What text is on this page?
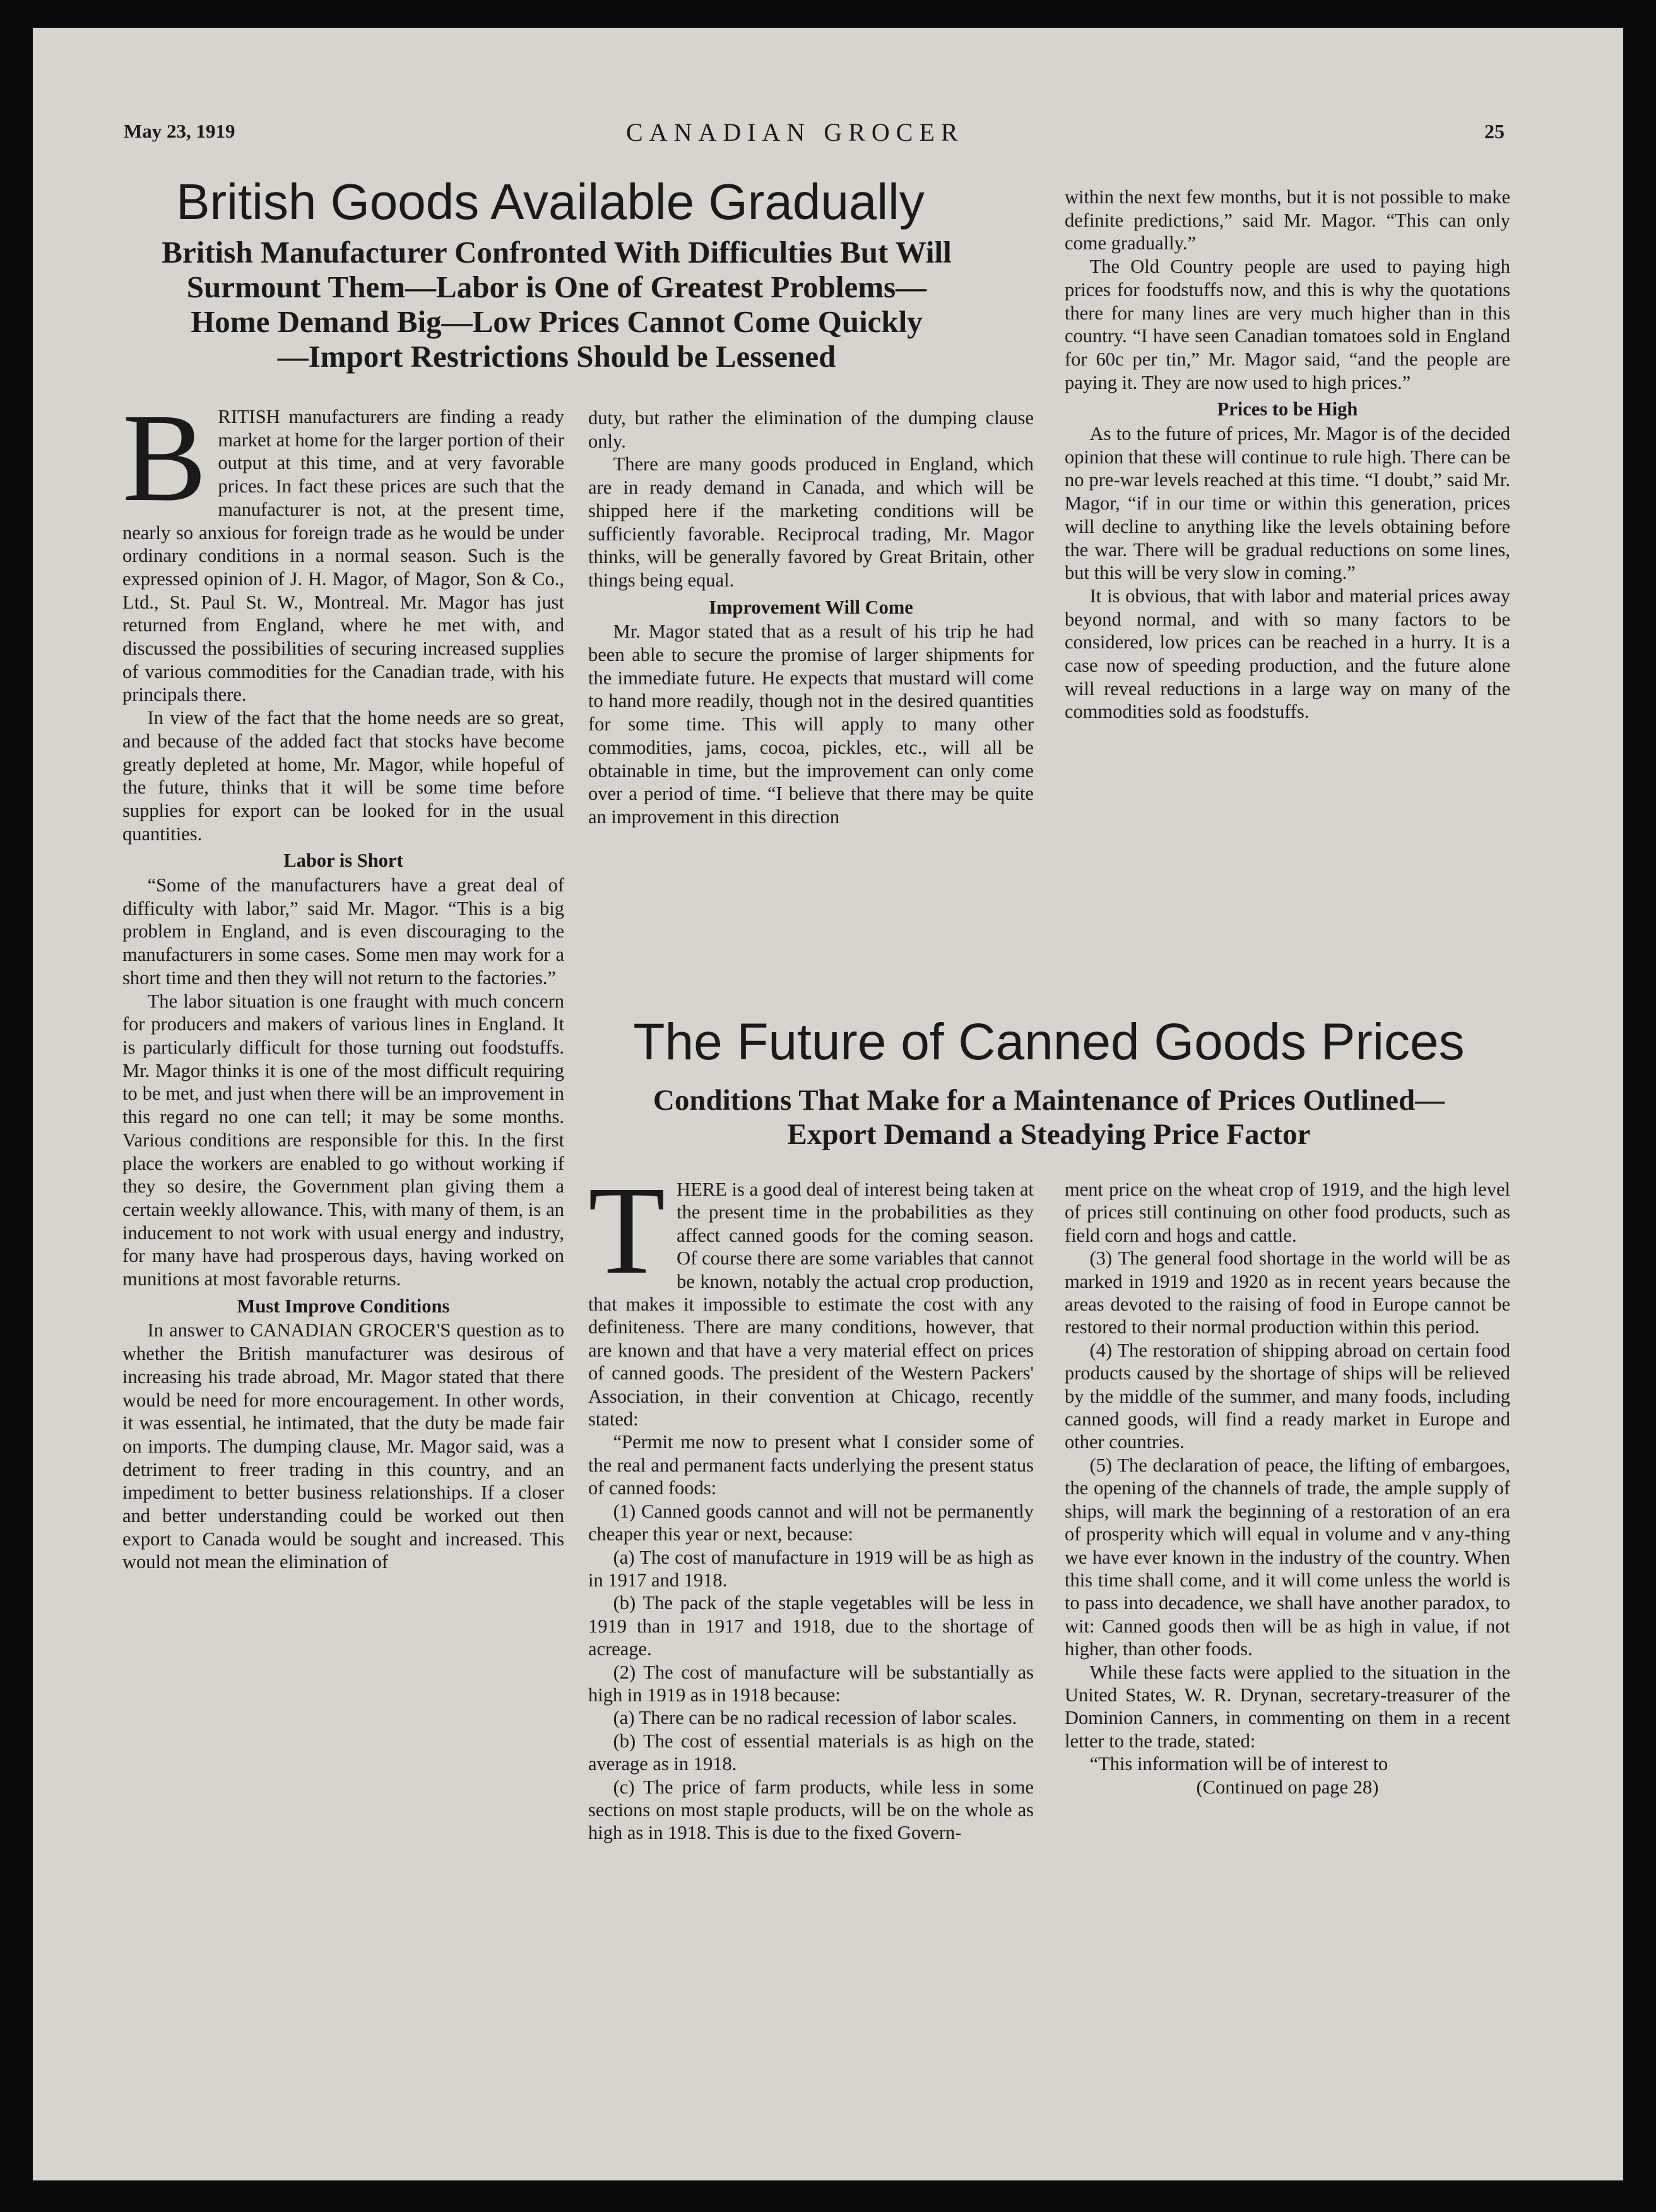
May 23, 1919	CANADIAN GROCER	25
British Goods Available Gradually
British Manufacturer Confronted With Difficulties But Will
Surmount Them—Labor is One of Greatest Problems—
Home Demand Big—Low Prices Cannot Come Quickly
—Import Restrictions Should be Lessened
B RITISH manufacturers are finding a ready market at home for the larger portion of their output at this time, and at very favorable prices. In fact these prices are such that the manufacturer is not, at the present time, nearly so anxious for foreign trade as he would be under ordinary conditions in a normal season. Such is the expressed opinion of J. H. Magor, of Magor, Son & Co., Ltd., St. Paul St. W., Montreal. Mr. Magor has just returned from England, where he met with, and discussed the possibilities of securing increased supplies of various commodities for the Canadian trade, with his principals there.

In view of the fact that the home needs are so great, and because of the added fact that stocks have become greatly depleted at home, Mr. Magor, while hopeful of the future, thinks that it will be some time before supplies for export can be looked for in the usual quantities.

Labor is Short

“Some of the manufacturers have a great deal of difficulty with labor,” said Mr. Magor. “This is a big problem in England, and is even discouraging to the manufacturers in some cases. Some men may work for a short time and then they will not return to the factories.”

The labor situation is one fraught with much concern for producers and makers of various lines in England. It is particularly difficult for those turning out foodstuffs. Mr. Magor thinks it is one of the most difficult requiring to be met, and just when there will be an improvement in this regard no one can tell; it may be some months. Various conditions are responsible for this. In the first place the workers are enabled to go without working if they so desire, the Government plan giving them a certain weekly allowance. This, with many of them, is an inducement to not work with usual energy and industry, for many have had prosperous days, having worked on munitions at most favorable returns.

Must Improve Conditions

In answer to CANADIAN GROCER'S question as to whether the British manufacturer was desirous of increasing his trade abroad, Mr. Magor stated that there would be need for more encouragement. In other words, it was essential, he intimated, that the duty be made fair on imports. The dumping clause, Mr. Magor said, was a detriment to freer trading in this country, and an impediment to better business relationships. If a closer and better understanding could be worked out then export to Canada would be sought and increased. This would not mean the elimination of

duty, but rather the elimination of the dumping clause only.

There are many goods produced in England, which are in ready demand in Canada, and which will be shipped here if the marketing conditions will be sufficiently favorable. Reciprocal trading, Mr. Magor thinks, will be generally favored by Great Britain, other things being equal.

Improvement Will Come

Mr. Magor stated that as a result of his trip he had been able to secure the promise of larger shipments for the immediate future. He expects that mustard will come to hand more readily, though not in the desired quantities for some time. This will apply to many other commodities, jams, cocoa, pickles, etc., will all be obtainable in time, but the improvement can only come over a period of time. “I believe that there may be quite an improvement in this direction

within the next few months, but it is not possible to make definite predictions,” said Mr. Magor. “This can only come gradually.”

The Old Country people are used to paying high prices for foodstuffs now, and this is why the quotations there for many lines are very much higher than in this country. “I have seen Canadian tomatoes sold in England for 60c per tin,” Mr. Magor said, “and the people are paying it. They are now used to high prices.”

Prices to be High

As to the future of prices, Mr. Magor is of the decided opinion that these will continue to rule high. There can be no pre-war levels reached at this time. “I doubt,” said Mr. Magor, “if in our time or within this generation, prices will decline to anything like the levels obtaining before the war. There will be gradual reductions on some lines, but this will be very slow in coming.”

It is obvious, that with labor and material prices away beyond normal, and with so many factors to be considered, low prices can be reached in a hurry. It is a case now of speeding production, and the future alone will reveal reductions in a large way on many of the commodities sold as foodstuffs.

The Future of Canned Goods Prices
Conditions That Make for a Maintenance of Prices Outlined—
Export Demand a Steadying Price Factor
T HERE is a good deal of interest being taken at the present time in the probabilities as they affect canned goods for the coming season. Of course there are some variables that cannot be known, notably the actual crop production, that makes it impossible to estimate the cost with any definiteness. There are many conditions, however, that are known and that have a very material effect on prices of canned goods. The president of the Western Packers' Association, in their convention at Chicago, recently stated:

“Permit me now to present what I consider some of the real and permanent facts underlying the present status of canned foods:

(1) Canned goods cannot and will not be permanently cheaper this year or next, because:

(a) The cost of manufacture in 1919 will be as high as in 1917 and 1918.

(b) The pack of the staple vegetables will be less in 1919 than in 1917 and 1918, due to the shortage of acreage.

(2) The cost of manufacture will be substantially as high in 1919 as in 1918 because:

(a) There can be no radical recession of labor scales.

(b) The cost of essential materials is as high on the average as in 1918.

(c) The price of farm products, while less in some sections on most staple products, will be on the whole as high as in 1918. This is due to the fixed Govern-

ment price on the wheat crop of 1919, and the high level of prices still continuing on other food products, such as field corn and hogs and cattle.

(3) The general food shortage in the world will be as marked in 1919 and 1920 as in recent years because the areas devoted to the raising of food in Europe cannot be restored to their normal production within this period.

(4) The restoration of shipping abroad on certain food products caused by the shortage of ships will be relieved by the middle of the summer, and many foods, including canned goods, will find a ready market in Europe and other countries.

(5) The declaration of peace, the lifting of embargoes, the opening of the channels of trade, the ample supply of ships, will mark the beginning of a restoration of an era of prosperity which will equal in volume and v any-thing we have ever known in the industry of the country. When this time shall come, and it will come unless the world is to pass into decadence, we shall have another paradox, to wit: Canned goods then will be as high in value, if not higher, than other foods.

While these facts were applied to the situation in the United States, W. R. Drynan, secretary-treasurer of the Dominion Canners, in commenting on them in a recent letter to the trade, stated:

“This information will be of interest to

(Continued on page 28)
